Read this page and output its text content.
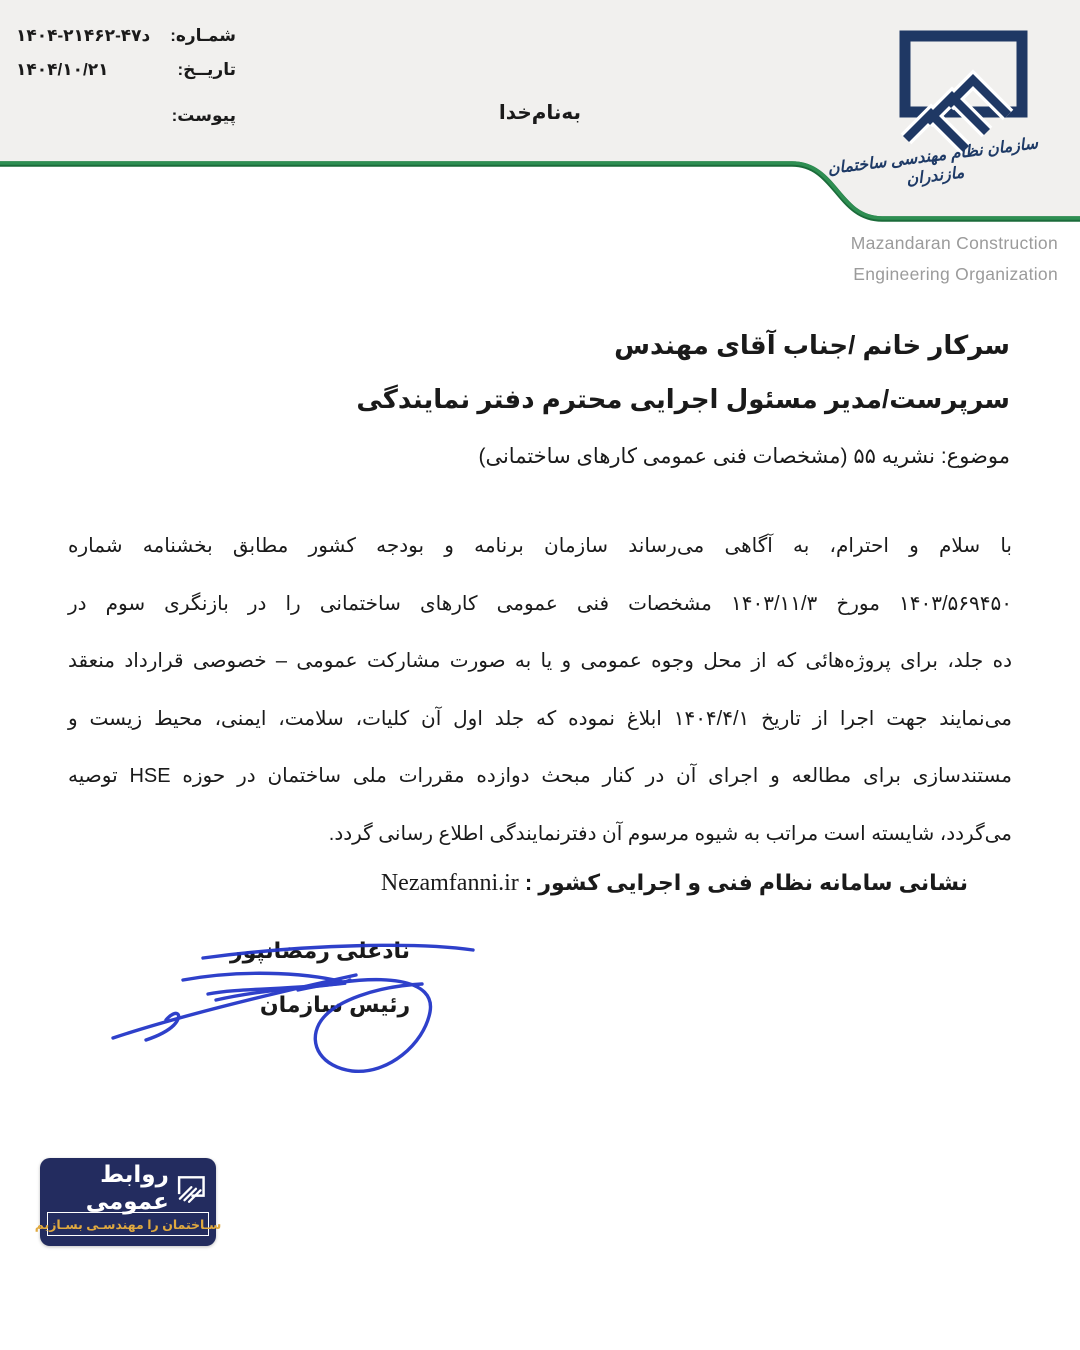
شمـاره:
۱۴۰۴-د۴۷-۲۱۴۶۲
تاریــخ:
۱۴۰۴/۱۰/۲۱
پیوست:	به‌نام‌خدا
سازمان نظام مهندسی ساختمان مازندران
Mazandaran Construction
Engineering Organization
سرکار خانم /جناب آقای مهندس
سرپرست/مدیر مسئول اجرایی محترم دفتر نمایندگی
موضوع: نشریه ۵۵ (مشخصات فنی عمومی کارهای ساختمانی)
با سلام و احترام، به آگاهی می‌رساند سازمان برنامه و بودجه کشور مطابق بخشنامه شماره
۱۴۰۳/۵۶۹۴۵۰ مورخ ۱۴۰۳/۱۱/۳ مشخصات فنی عمومی کارهای ساختمانی را در بازنگری سوم در
ده جلد، برای پروژه‌هائی که از محل وجوه عمومی و یا به صورت مشارکت عمومی – خصوصی قرارداد منعقد
می‌نمایند جهت اجرا از تاریخ ۱۴۰۴/۴/۱ ابلاغ نموده که جلد اول آن کلیات، سلامت، ایمنی، محیط زیست و
مستندسازی برای مطالعه و اجرای آن در کنار مبحث دوازده مقررات ملی ساختمان در حوزه HSE توصیه
می‌گردد، شایسته است مراتب به شیوه مرسوم آن دفترنمایندگی اطلاع رسانی گردد.
نشانی سامانه نظام فنی و اجرایی کشور : Nezamfanni.ir
نادعلی رمضانپور
رئیس سازمان
روابط عمومی
سـاختمان را مهندسـی بسـازیم
